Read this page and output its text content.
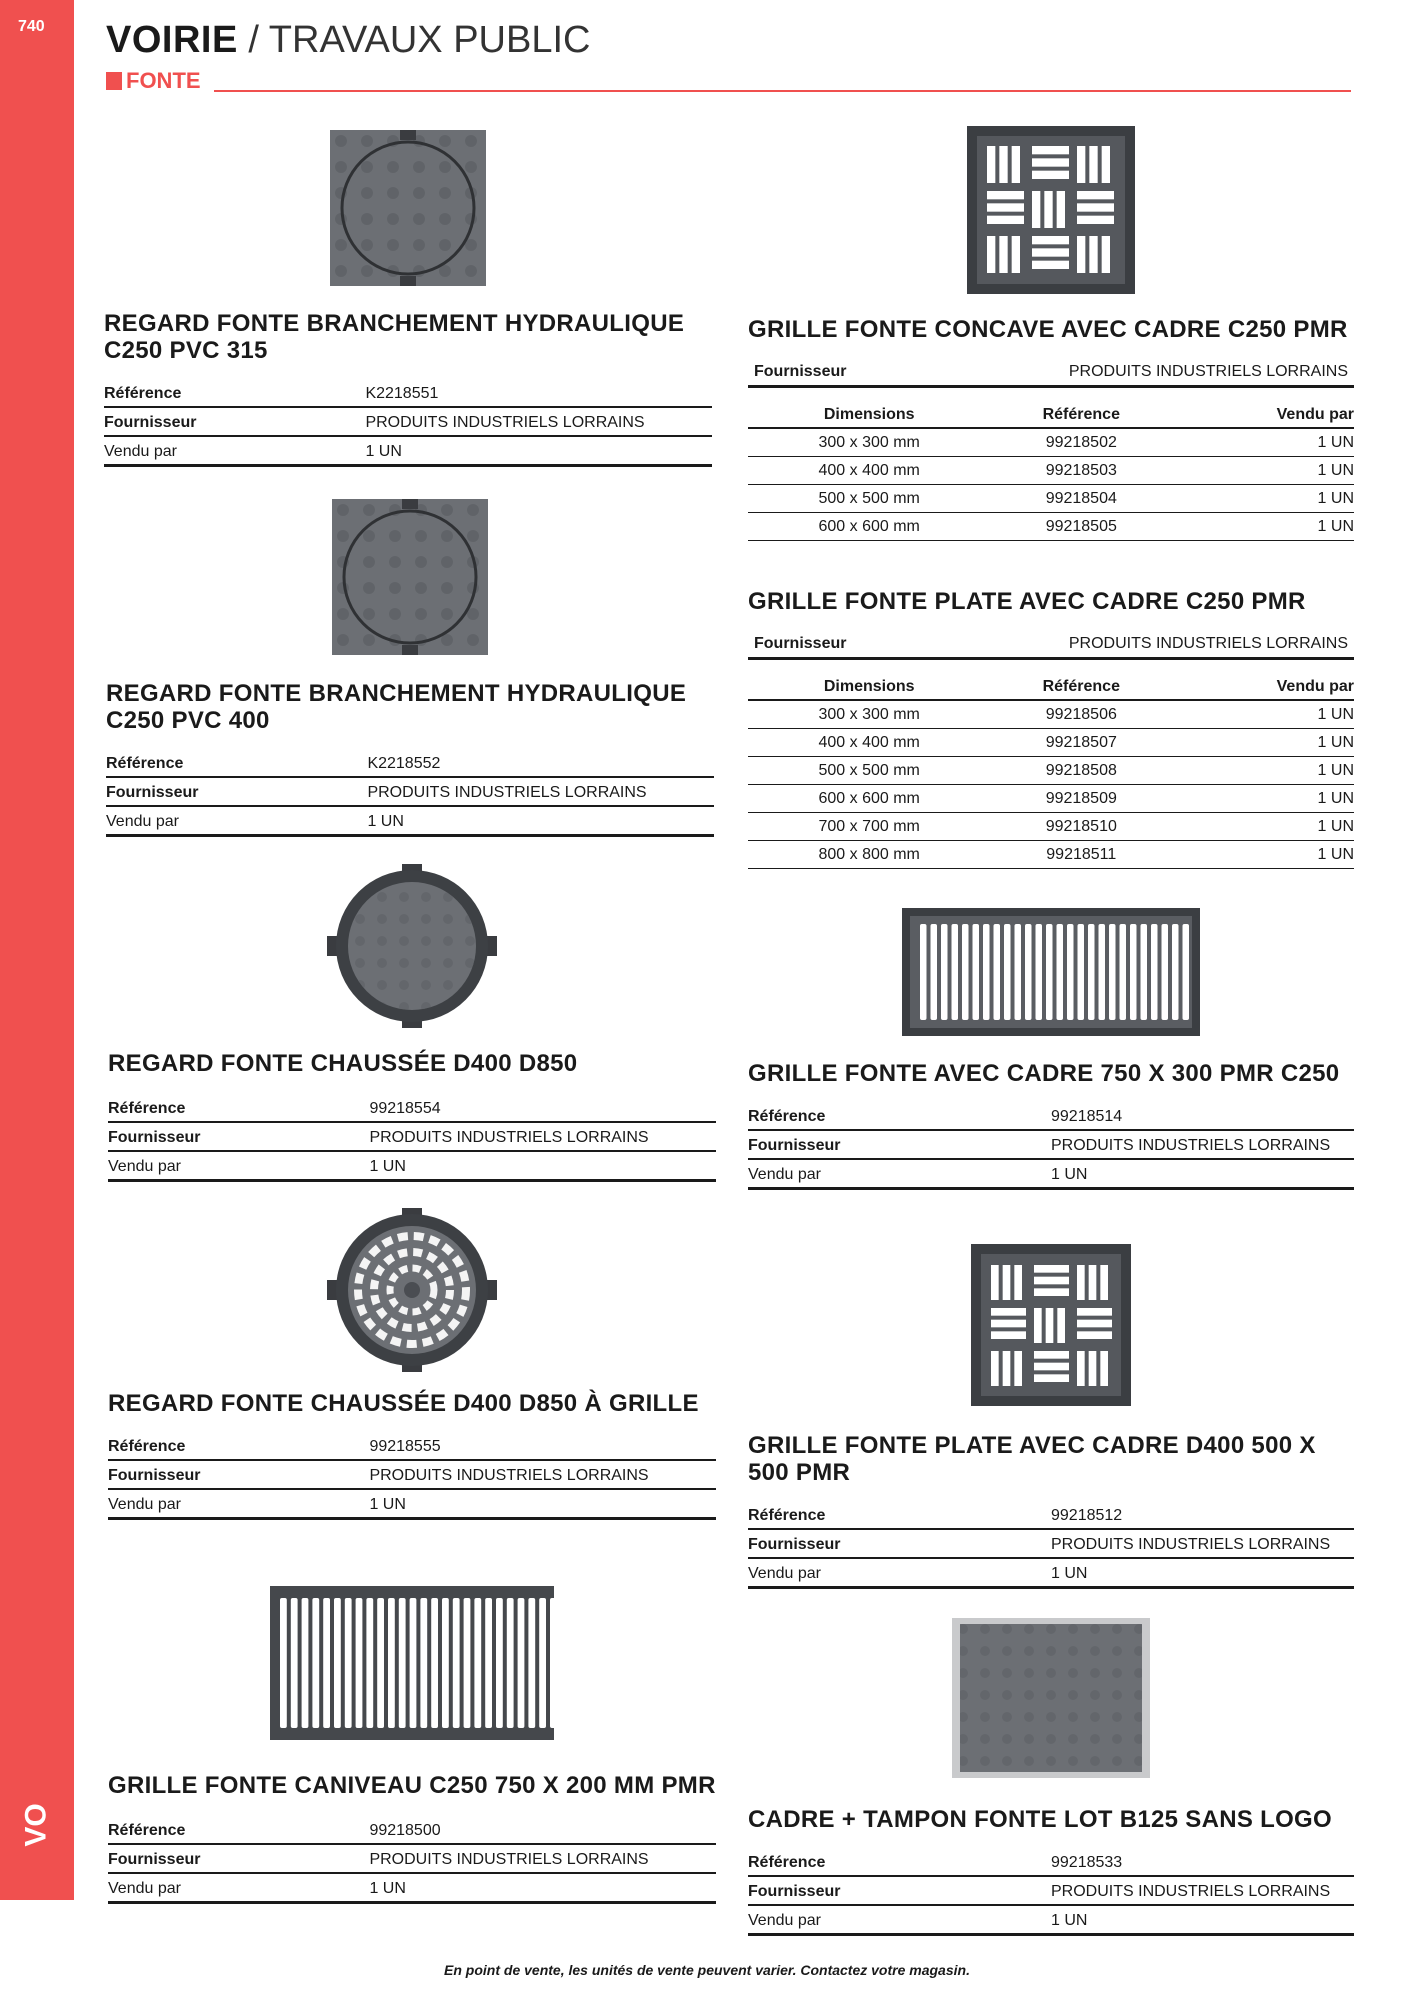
740
VO
VOIRIE / TRAVAUX PUBLIC
FONTE
REGARD FONTE BRANCHEMENT HYDRAULIQUE C250 PVC 315
Référence	K2218551
Fournisseur	PRODUITS INDUSTRIELS LORRAINS
Vendu par	1 UN
REGARD FONTE BRANCHEMENT HYDRAULIQUE C250 PVC 400
Référence	K2218552
Fournisseur	PRODUITS INDUSTRIELS LORRAINS
Vendu par	1 UN
REGARD FONTE CHAUSSÉE D400 D850
Référence	99218554
Fournisseur	PRODUITS INDUSTRIELS LORRAINS
Vendu par	1 UN
REGARD FONTE CHAUSSÉE D400 D850 À GRILLE
Référence	99218555
Fournisseur	PRODUITS INDUSTRIELS LORRAINS
Vendu par	1 UN
GRILLE FONTE CANIVEAU C250 750 X 200 MM PMR
Référence	99218500
Fournisseur	PRODUITS INDUSTRIELS LORRAINS
Vendu par	1 UN
GRILLE FONTE CONCAVE AVEC CADRE C250 PMR
Fournisseur	PRODUITS INDUSTRIELS LORRAINS
Dimensions	Référence	Vendu par
300 x 300 mm	99218502	1 UN
400 x 400 mm	99218503	1 UN
500 x 500 mm	99218504	1 UN
600 x 600 mm	99218505	1 UN
GRILLE FONTE PLATE AVEC CADRE C250 PMR
Fournisseur	PRODUITS INDUSTRIELS LORRAINS
Dimensions	Référence	Vendu par
300 x 300 mm	99218506	1 UN
400 x 400 mm	99218507	1 UN
500 x 500 mm	99218508	1 UN
600 x 600 mm	99218509	1 UN
700 x 700 mm	99218510	1 UN
800 x 800 mm	99218511	1 UN
GRILLE FONTE AVEC CADRE 750 X 300 PMR C250
Référence	99218514
Fournisseur	PRODUITS INDUSTRIELS LORRAINS
Vendu par	1 UN
GRILLE FONTE PLATE AVEC CADRE D400 500 X 500 PMR
Référence	99218512
Fournisseur	PRODUITS INDUSTRIELS LORRAINS
Vendu par	1 UN
CADRE + TAMPON FONTE LOT B125 SANS LOGO
Référence	99218533
Fournisseur	PRODUITS INDUSTRIELS LORRAINS
Vendu par	1 UN
En point de vente, les unités de vente peuvent varier. Contactez votre magasin.
